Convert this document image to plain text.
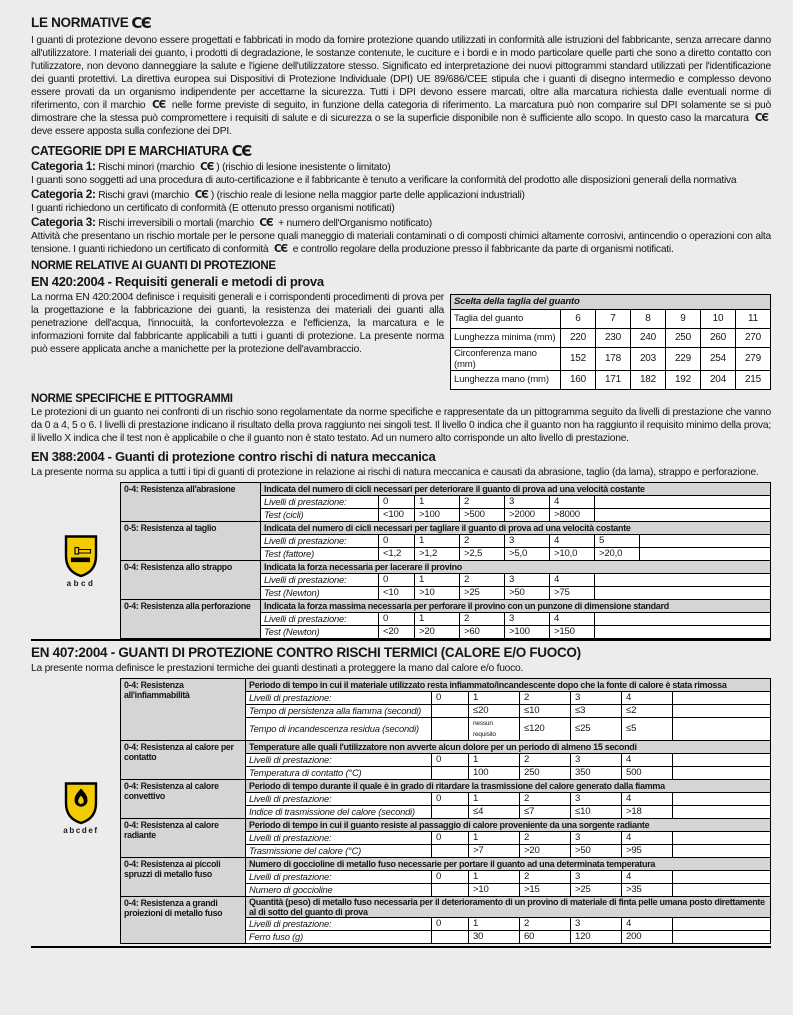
LE NORMATIVE CЄ

I guanti di protezione devono essere progettati e fabbricati in modo da fornire protezione quando utilizzati in conformità alle istruzioni del fabbricante, senza arrecare danno all'utilizzatore. I materiali dei guanto, i prodotti di degradazione, le sostanze contenute, le cuciture e i bordi e in modo particolare quelle parti che sono a diretto contatto con l'utilizzatore, non devono danneggiare la salute e l'igiene dell'utilizzatore stesso. Significato ed interpretazione dei nuovi pittogrammi standard utilizzati per l'identificazione dei guanti protettivi. La direttiva europea sui Dispositivi di Protezione Individuale (DPI) UE 89/686/CEE stipula che i guanti di disegno intermedio e complesso devono essere provati da un organismo indipendente per accettarne la sicurezza. Tutti i DPI devono essere marcati, oltre alla marcatura richiesta dalle eventuali norme di riferimento, con il marchio CЄ nelle forme previste di seguito, in funzione della categoria di riferimento. La marcatura può non comparire sul DPI solamente se si può dimostrare che la stessa può compromettere i requisiti di salute e di sicurezza o se la superficie disponibile non è sufficiente allo scopo. In questo caso la marcatura CЄ deve essere apposta sulla confezione dei DPI.

CATEGORIE DPI E MARCHIATURA CЄ
Categoria 1: Rischi minori (marchio CЄ ) (rischio di lesione inesistente o limitato)
I guanti sono soggetti ad una procedura di auto-certificazione e il fabbricante è tenuto a verificare la conformità del prodotto alle disposizioni generali della normativa
Categoria 2: Rischi gravi (marchio CЄ ) (rischio reale di lesione nella maggior parte delle applicazioni industriali)
I guanti richiedono un certificato di conformità (E ottenuto presso organismi notificati)
Categoria 3: Rischi irreversibili o mortali (marchio CЄ + numero dell'Organismo notificato)
Attività che presentano un rischio mortale per le persone quali maneggio di materiali contaminati o di composti chimici altamente corrosivi, antincendio o operazioni con alta tensione. I guanti richiedono un certificato di conformità CЄ e controllo regolare della produzione presso il fabbricante da parte di organismi notificati.
NORME RELATIVE AI GUANTI DI PROTEZIONE
EN 420:2004 - Requisiti generali e metodi di prova

La norma EN 420:2004 definisce i requisiti generali e i corrispondenti procedimenti di prova per la progettazione e la fabbricazione dei guanti, la resistenza dei materiali dei guanti alla penetrazione dell'acqua, l'innocuità, la confortevolezza e l'efficienza, la marcatura e le informazioni fornite dal fabbricante applicabili a tutti i guanti di protezione. La presente norma può essere applicata anche a manichette per la protezione dell'avambraccio.

Scelta della taglia del guanto						
Taglia del guanto	6	7	8	9	10	11
Lunghezza minima (mm)	220	230	240	250	260	270
Circonferenza mano (mm)	152	178	203	229	254	279
Lunghezza mano (mm)	160	171	182	192	204	215
NORME SPECIFICHE E PITTOGRAMMI

Le protezioni di un guanto nei confronti di un rischio sono regolamentate da norme specifiche e rappresentate da un pittogramma seguito da livelli di prestazione che vanno da 0 a 4, 5 o 6. I livelli di prestazione indicano il risultato della prova raggiunto nei singoli test. Il livello 0 indica che il guanto non ha raggiunto il requisito minimo della prova; il livello X indica che il test non è applicabile o che il guanto non è stato testato. Ad un numero alto corrisponde un alto livello di prestazione.

EN 388:2004 - Guanti di protezione contro rischi di natura meccanica

La presente norma su applica a tutti i tipi di guanti di protezione in relazione ai rischi di natura meccanica e causati da abrasione, taglio (da lama), strappo e perforazione.

abcd
0-4: Resistenza all'abrasione	Indicata del numero di cicli necessari per deteriorare il guanto di prova ad una velocità costante							
	Livelli di prestazione:	0	1	2	3	4		
	Test (cicli)	<100	>100	>500	>2000	>8000		
0-5: Resistenza al taglio	Indicata del numero di cicli necessari per tagliare il guanto di prova ad una velocità costante							
	Livelli di prestazione:	0	1	2	3	4	5	
	Test (fattore)	<1,2	>1,2	>2,5	>5,0	>10,0	>20,0	
0-4: Resistenza allo strappo	Indicata la forza necessaria per lacerare il provino							
	Livelli di prestazione:	0	1	2	3	4		
	Test (Newton)	<10	>10	>25	>50	>75		
0-4: Resistenza alla perforazione	Indicata la forza massima necessaria per perforare il provino con un punzone di dimensione standard							
	Livelli di prestazione:	0	1	2	3	4		
	Test (Newton)	<20	>20	>60	>100	>150		
EN 407:2004 - GUANTI DI PROTEZIONE CONTRO RISCHI TERMICI (CALORE E/O FUOCO)

La presente norma definisce le prestazioni termiche dei guanti destinati a proteggere la mano dal calore e/o fuoco.

abcdef
0-4: Resistenza all'infiammabilità	Periodo di tempo in cui il materiale utilizzato resta infiammato/incandescente dopo che la fonte di calore è stata rimossa						
	Livelli di prestazione:	0	1	2	3	4	
	Tempo di persistenza alla fiamma (secondi)		≤20	≤10	≤3	≤2	
	Tempo di incandescenza residua (secondi)		nessun requisito	≤120	≤25	≤5	
0-4: Resistenza al calore per contatto	Temperature alle quali l'utilizzatore non avverte alcun dolore per un periodo di almeno 15 secondi						
	Livelli di prestazione:	0	1	2	3	4	
	Temperatura di contatto (°C)		100	250	350	500	
0-4: Resistenza al calore convettivo	Periodo di tempo durante il quale è in grado di ritardare la trasmissione del calore generato dalla fiamma						
	Livelli di prestazione:	0	1	2	3	4	
	Indice di trasmissione del calore (secondi)		≤4	≤7	≤10	>18	
0-4: Resistenza al calore radiante	Periodo di tempo in cui il guanto resiste al passaggio di calore proveniente da una sorgente radiante						
	Livelli di prestazione:	0	1	2	3	4	
	Trasmissione del calore (°C)		>7	>20	>50	>95	
0-4: Resistenza ai piccoli spruzzi di metallo fuso	Numero di goccioline di metallo fuso necessarie per portare il guanto ad una determinata temperatura						
	Livelli di prestazione:	0	1	2	3	4	
	Numero di goccioline		>10	>15	>25	>35	
0-4: Resistenza a grandi proiezioni di metallo fuso	Quantità (peso) di metallo fuso necessaria per il deterioramento di un provino di materiale di finta pelle umana posto direttamente al di sotto del guanto di prova						
	Livelli di prestazione:	0	1	2	3	4	
	Ferro fuso (g)		30	60	120	200	
